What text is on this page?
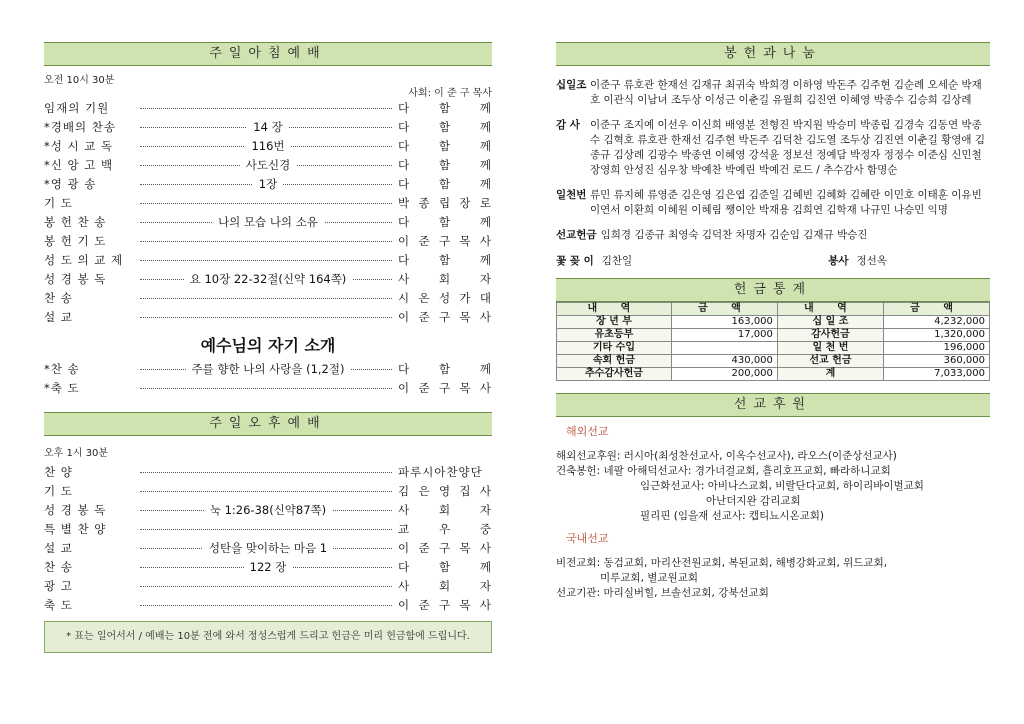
주일아침예배
오전 10시 30분
사회: 이 준 구 목사
임재의 기원	다 함 께
*경배의 찬송	14 장	다 함 께
*성 시 교 독	116번	다 함 께
*신 앙 고 백	사도신경	다 함 께
*영 광 송	1장	다 함 께
기 도	박 종 립 장 로
봉 헌 찬 송	나의 모습 나의 소유	다 함 께
봉 헌 기 도	이 준 구 목 사
성 도 의 교 제	다 함 께
성 경 봉 독	요 10장 22-32절(신약 164쪽)	사 회 자
찬 송	시 온 성 가 대
설 교	이 준 구 목 사
예수님의 자기 소개
*찬 송	주를 향한 나의 사랑을 (1,2절)	다 함 께
*축 도	이 준 구 목 사
주일오후예배
오후 1시 30분
찬 양	파루시아찬양단
기 도	김 은 영 집 사
성 경 봉 독	눅 1:26-38(신약87쪽)	사 회 자
특 별 찬 양	교 우 중
설 교	성탄을 맞이하는 마음 1	이 준 구 목 사
찬 송	122 장	다 함 께
광 고	사 회 자
축 도	이 준 구 목 사
* 표는 일어서서 / 예배는 10분 전에 와서 정성스럽게 드리고 헌금은 미리 헌금함에 드립니다.
봉헌과나눔
십일조 이준구 류호관 한재선 김재규 최귀숙 박희경 이하영 박돈주 김주현 김순례 오세순 박재호 이관식 이남녀 조두상 이성근 이춘길 유월희 김진연 이혜영 박종수 김승희 김상례
감 사 이준구 조지예 이선우 이신희 배영분 전형진 박지원 박승미 박종립 김경숙 김동연 박종수 김혁호 류호관 한재선 김주현 박돈주 김덕찬 김도열 조두상 김진연 이춘길 황영애 김종규 김상례 김광수 박종연 이혜영 강석윤 정보선 정예담 박정자 정정수 이준심 신민철 장영희 안성진 심우창 박예찬 박예린 박예건 로드 / 추수감사 함명순
일천번 류민 류지혜 류영준 김은영 김은엽 김준일 김혜빈 김혜화 김혜란 이민호 이태훈 이유빈 이연서 이환희 이혜원 이혜림 쨍이안 박재용 김희연 김학재 나규민 나승민 익명
선교헌금 임희경 김종규 최영숙 김덕찬 차명자 김순임 김재규 박승진
꽃 꽂 이 김찬일	봉사 정선옥
헌금통계
내 역	금 액	내 역	금 액
장 년 부	163,000	십 일 조	4,232,000
유초등부	17,000	감사헌금	1,320,000
기타 수입		일 천 번	196,000
속회 헌금	430,000	선교 헌금	360,000
추수감사헌금	200,000	계	7,033,000
선교후원
해외선교
해외선교후원: 러시아(최성찬선교사, 이옥수선교사), 라오스(이준상선교사)
건축봉헌: 네팔 아해덕선교사: 경가너걸교회, 흘리호프교회, 빠라하니교회
임근화선교사: 아비나스교회, 비랄단다교회, 하이리바이벌교회
아난더지완 감리교회
필리핀 (임을재 선교사: 캡티뇨시온교회)
국내선교
비전교회: 동검교회, 마리산전원교회, 복된교회, 해병강화교회, 위드교회,
미루교회, 별교원교회
선교기관: 마리실버힐, 브솔선교회, 강북선교회
